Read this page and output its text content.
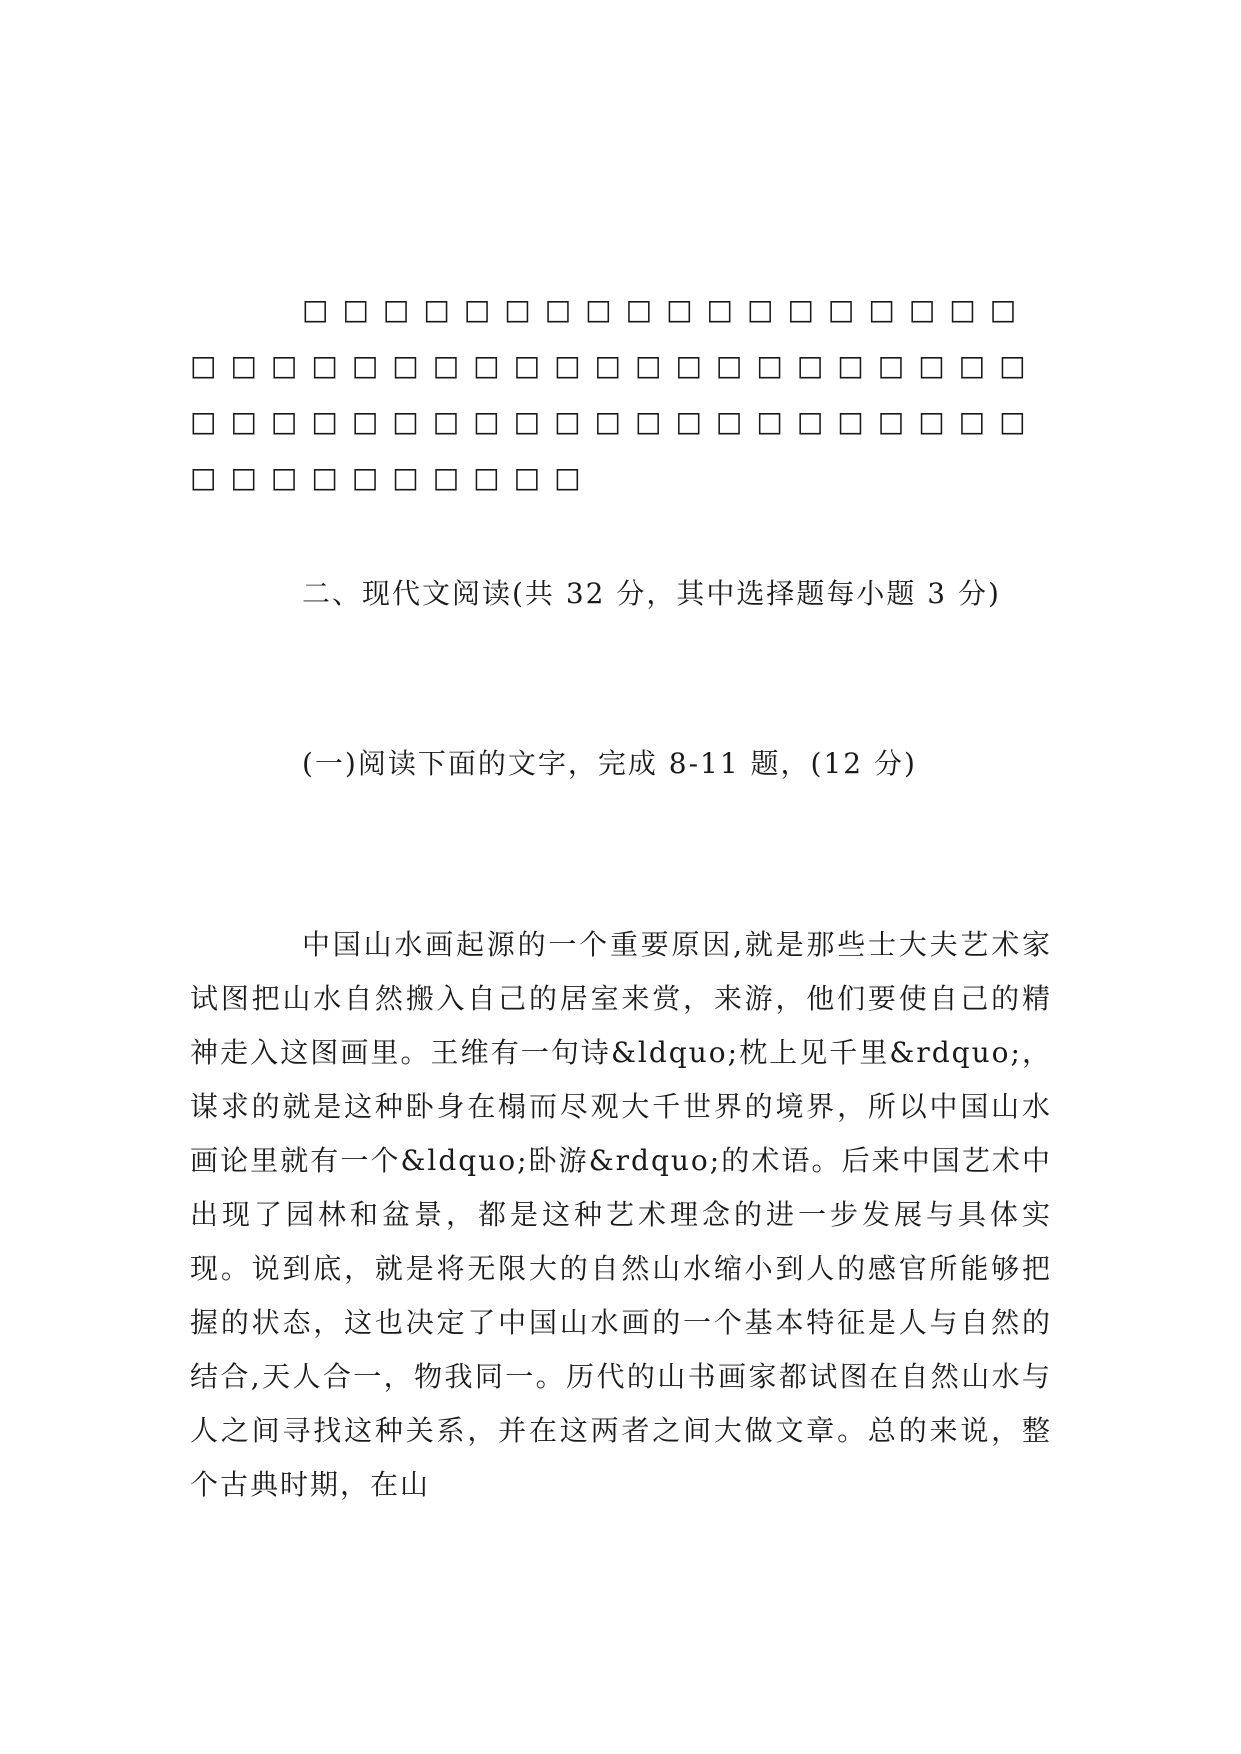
□□□□□□□□□□□□□□□□□□□□□□□□□□□□□□□□□□□□□□□□□□□□□□□□□□□□□□□□□□□□□□□□□□□□□□

二、现代文阅读(共 32 分，其中选择题每小题 3 分)

(一)阅读下面的文字，完成 8-11 题，(12 分)

中国山水画起源的一个重要原因,就是那些士大夫艺术家试图把山水自然搬入自己的居室来赏，来游，他们要使自己的精神走入这图画里。王维有一句诗&ldquo;枕上见千里&rdquo;，谋求的就是这种卧身在榻而尽观大千世界的境界，所以中国山水画论里就有一个&ldquo;卧游&rdquo;的术语。后来中国艺术中出现了园林和盆景，都是这种艺术理念的进一步发展与具体实现。说到底，就是将无限大的自然山水缩小到人的感官所能够把握的状态，这也决定了中国山水画的一个基本特征是人与自然的结合,天人合一，物我同一。历代的山书画家都试图在自然山水与人之间寻找这种关系，并在这两者之间大做文章。总的来说，整个古典时期，在山
